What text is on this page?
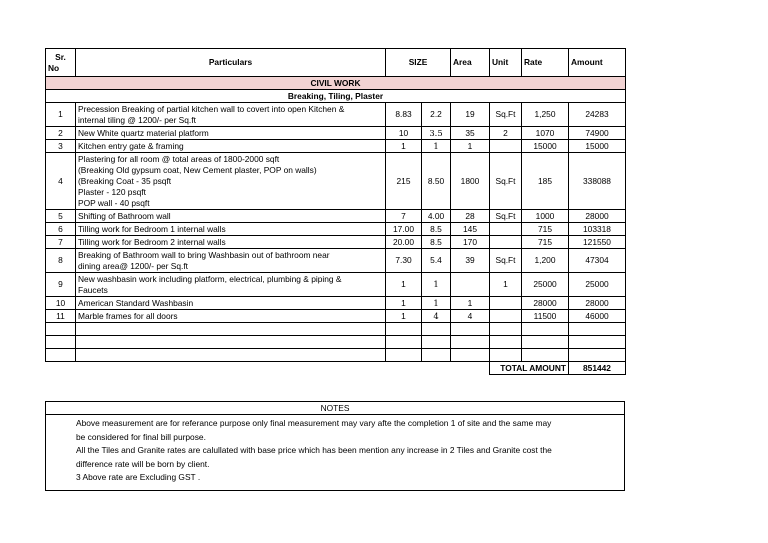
Sr.

No	Particulars	SIZE		Area	Unit	Rate	Amount
CIVIL WORK							
Breaking, Tiling, Plaster							
1	Precession Breaking of partial kitchen wall to covert into open Kitchen &
internal tiling @ 1200/- per Sq.ft	8.83	2.2	19	Sq.Ft	1,250	24283
2	New White quartz material platform	10	3.5	35	2	1070	74900
3	Kitchen entry gate & framing	1	1	1		15000	15000
4	Plastering for all room @ total areas of 1800-2000 sqft
(Breaking Old gypsum coat, New Cement plaster, POP on walls)
(Breaking Coat - 35 psqft
Plaster - 120 psqft
POP wall - 40 psqft	215	8.50	1800	Sq.Ft	185	338088
5	Shifting of Bathroom wall	7	4.00	28	Sq.Ft	1000	28000
6	Tilling work for Bedroom 1 internal walls	17.00	8.5	145		715	103318
7	Tilling work for Bedroom 2 internal walls	20.00	8.5	170		715	121550
8	Breaking of Bathroom wall to bring Washbasin out of bathroom near
dining area@ 1200/- per Sq.ft	7.30	5.4	39	Sq.Ft	1,200	47304
9	New washbasin work including platform, electrical, plumbing & piping &
Faucets	1	1		1	25000	25000
10	American Standard Washbasin	1	1	1		28000	28000
11	Marble frames for all doors	1	4	4		11500	46000

					TOTAL AMOUNT		851442
NOTES

Above measurement are for referance purpose only final measurement may vary afte the completion 1 of site and the same may

be considered for final bill purpose.

All the Tiles and Granite rates are calullated with base price which has been mention any increase in 2 Tiles and Granite cost the

difference rate will be born by client.

3 Above rate are Excluding GST .
